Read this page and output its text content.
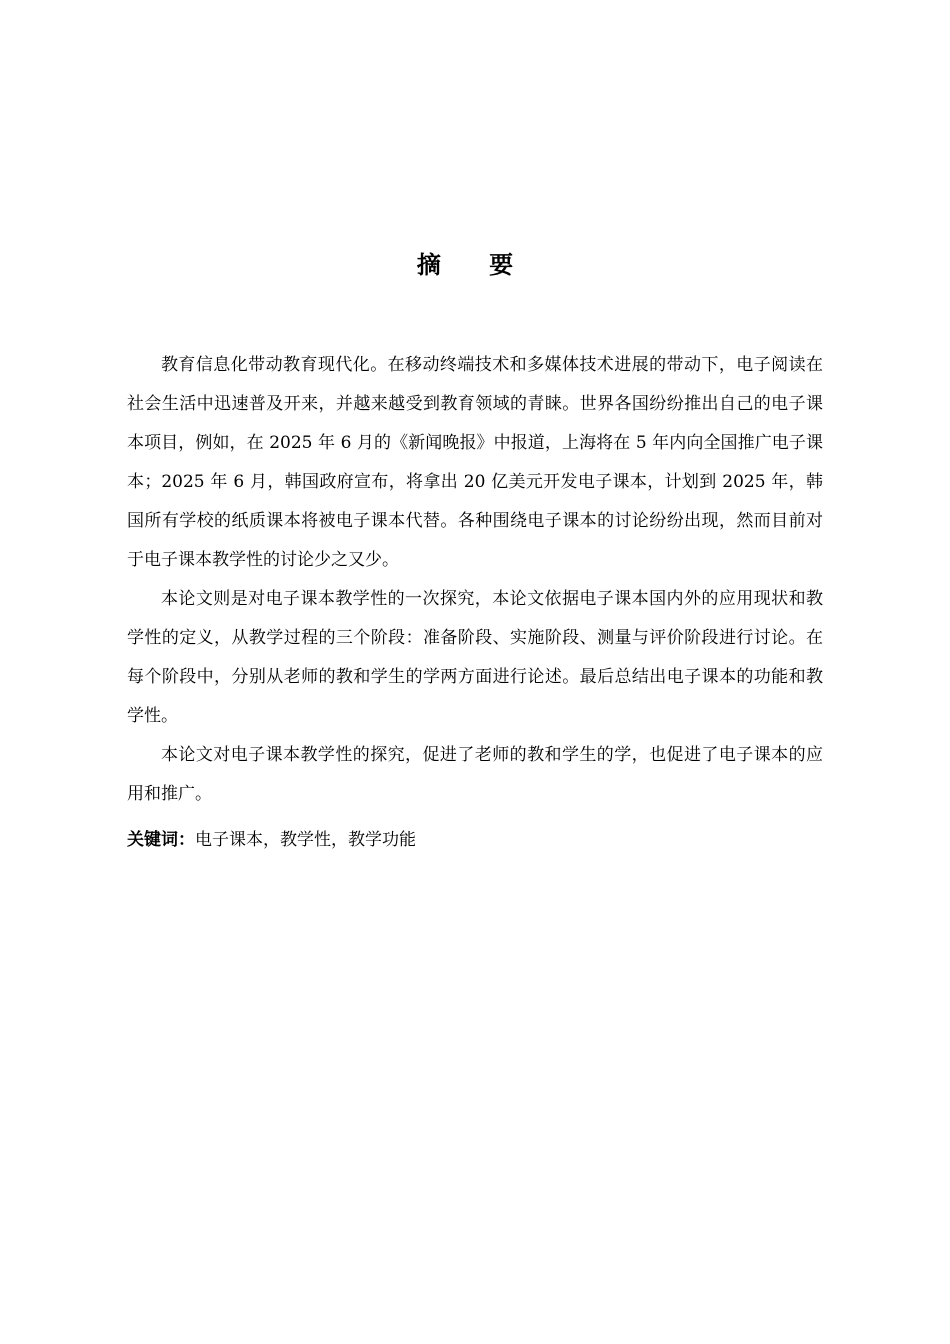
摘 要

教育信息化带动教育现代化。在移动终端技术和多媒体技术进展的带动下，电子阅读在社会生活中迅速普及开来，并越来越受到教育领域的青睐。世界各国纷纷推出自己的电子课本项目，例如，在 2025 年 6 月的《新闻晚报》中报道，上海将在 5 年内向全国推广电子课本；2025 年 6 月，韩国政府宣布，将拿出 20 亿美元开发电子课本，计划到 2025 年，韩国所有学校的纸质课本将被电子课本代替。各种围绕电子课本的讨论纷纷出现，然而目前对于电子课本教学性的讨论少之又少。

本论文则是对电子课本教学性的一次探究，本论文依据电子课本国内外的应用现状和教学性的定义，从教学过程的三个阶段：准备阶段、实施阶段、测量与评价阶段进行讨论。在每个阶段中，分别从老师的教和学生的学两方面进行论述。最后总结出电子课本的功能和教学性。

本论文对电子课本教学性的探究，促进了老师的教和学生的学，也促进了电子课本的应用和推广。

关键词：电子课本，教学性，教学功能
